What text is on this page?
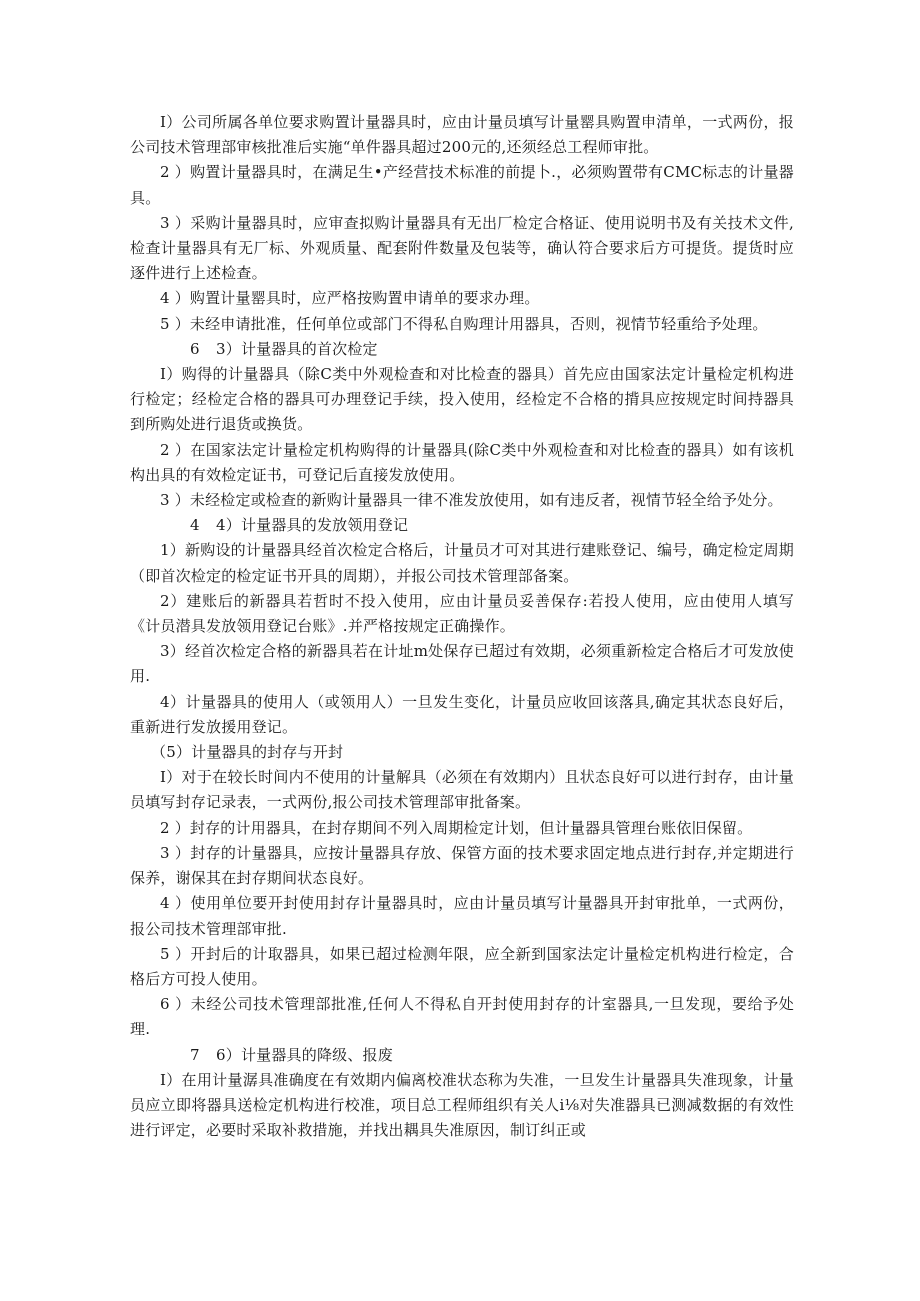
I）公司所属各单位要求购置计量器具时，应由计量员填写计量罂具购置申清单，一式两份，报公司技术管理部审核批准后实施“单件器具超过200元的,还须经总工程师审批。

2 ）购置计量器具时，在满足生•产经营技术标准的前提卜.，必须购置带有CMC标志的计量器具。

3 ）采购计量器具时，应审查拟购计量器具有无出厂检定合格证、使用说明书及有关技术文件,检查计量器具有无厂标、外观质量、配套附件数量及包装等，确认符合要求后方可提货。提货时应逐件进行上述检查。

4 ）购置计量罂具时，应严格按购置申请单的要求办理。

5 ）未经申请批准，任何单位或部门不得私自购理计用器具，否则，视情节轻重给予处理。

6 3）计量器具的首次检定

I）购得的计量器具（除C类中外观检查和对比检查的器具）首先应由国家法定计量检定机构进行检定；经检定合格的器具可办理登记手续，投入使用，经检定不合格的揹具应按规定时间持器具到所购处进行退货或换货。

2 ）在国家法定计量检定机构购得的计量器具(除C类中外观检查和对比检查的器具）如有该机构出具的有效检定证书，可登记后直接发放使用。

3 ）未经检定或检查的新购计量器具一律不准发放使用，如有违反者，视情节轻全给予处分。

4 4）计量器具的发放领用登记

1）新购设的计量器具经首次检定合格后，计量员才可对其进行建账登记、编号，确定检定周期（即首次检定的检定证书开具的周期），并报公司技术管理部备案。

2）建账后的新器具若哲时不投入使用，应由计量员妥善保存:若投人使用，应由使用人填写《计员潜具发放领用登记台账》.并严格按规定正确操作。

3）经首次检定合格的新器具若在计址m处保存已超过有效期，必须重新检定合格后才可发放使用.

4）计量器具的使用人（或领用人）一旦发生变化，计量员应收回该落具,确定其状态良好后，重新进行发放援用登记。

（5）计量器具的封存与开封

I）对于在较长时间内不使用的计量解具（必须在有效期内）且状态良好可以进行封存，由计量员填写封存记录表，一式两份,报公司技术管理部审批备案。

2 ）封存的计用器具，在封存期间不列入周期检定计划，但计量器具管理台账依旧保留。

3 ）封存的计量器具，应按计量器具存放、保管方面的技术要求固定地点进行封存,并定期进行保养，谢保其在封存期间状态良好。

4 ）使用单位要开封使用封存计量器具时，应由计量员填写计量器具开封审批单，一式两份，报公司技术管理部审批.

5 ）开封后的计取器具，如果已超过检测年限，应全新到国家法定计量检定机构进行检定，合格后方可投人使用。

6 ）未经公司技术管理部批准,任何人不得私自开封使用封存的计室器具,一旦发现，要给予处理.

7 6）计量器具的降级、报废

I）在用计量潺具准确度在有效期内偏离校准状态称为失准，一旦发生计量器具失准现象，计量员应立即将器具送检定机构进行校准，项目总工程师组织有关人i⅛对失准器具已测减数据的有效性进行评定，必要时采取补救措施，并找出耦具失准原因，制订纠正或
